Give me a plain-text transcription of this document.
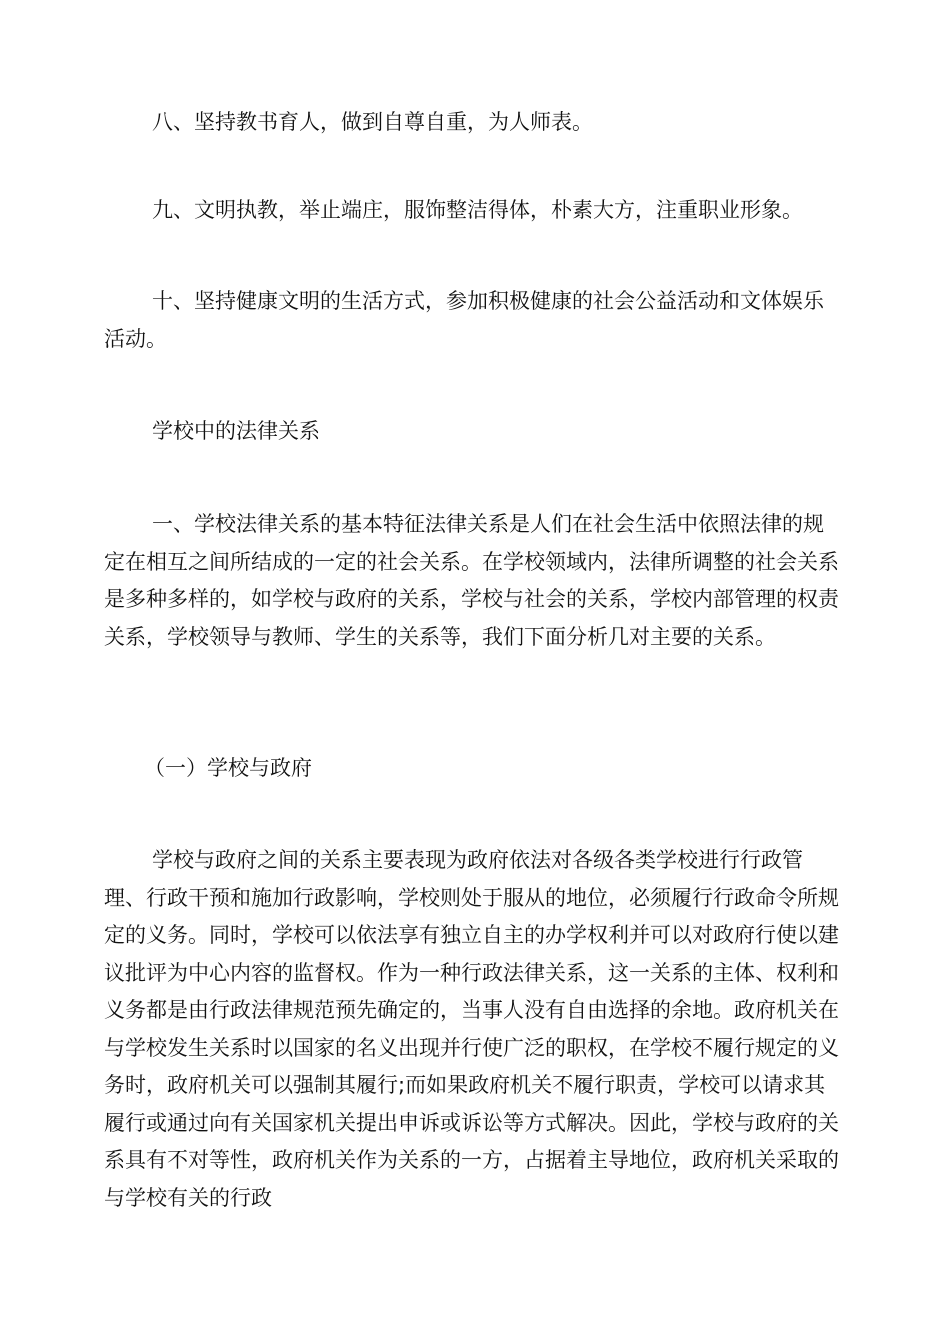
八、坚持教书育人，做到自尊自重，为人师表。

九、文明执教，举止端庄，服饰整洁得体，朴素大方，注重职业形象。

十、坚持健康文明的生活方式，参加积极健康的社会公益活动和文体娱乐活动。

学校中的法律关系

一、学校法律关系的基本特征法律关系是人们在社会生活中依照法律的规定在相互之间所结成的一定的社会关系。在学校领域内，法律所调整的社会关系是多种多样的，如学校与政府的关系，学校与社会的关系，学校内部管理的权责关系，学校领导与教师、学生的关系等，我们下面分析几对主要的关系。

（一）学校与政府

学校与政府之间的关系主要表现为政府依法对各级各类学校进行行政管理、行政干预和施加行政影响，学校则处于服从的地位，必须履行行政命令所规定的义务。同时，学校可以依法享有独立自主的办学权利并可以对政府行使以建议批评为中心内容的监督权。作为一种行政法律关系，这一关系的主体、权利和义务都是由行政法律规范预先确定的，当事人没有自由选择的余地。政府机关在与学校发生关系时以国家的名义出现并行使广泛的职权，在学校不履行规定的义务时，政府机关可以强制其履行;而如果政府机关不履行职责，学校可以请求其履行或通过向有关国家机关提出申诉或诉讼等方式解决。因此，学校与政府的关系具有不对等性，政府机关作为关系的一方，占据着主导地位，政府机关采取的与学校有关的行政
